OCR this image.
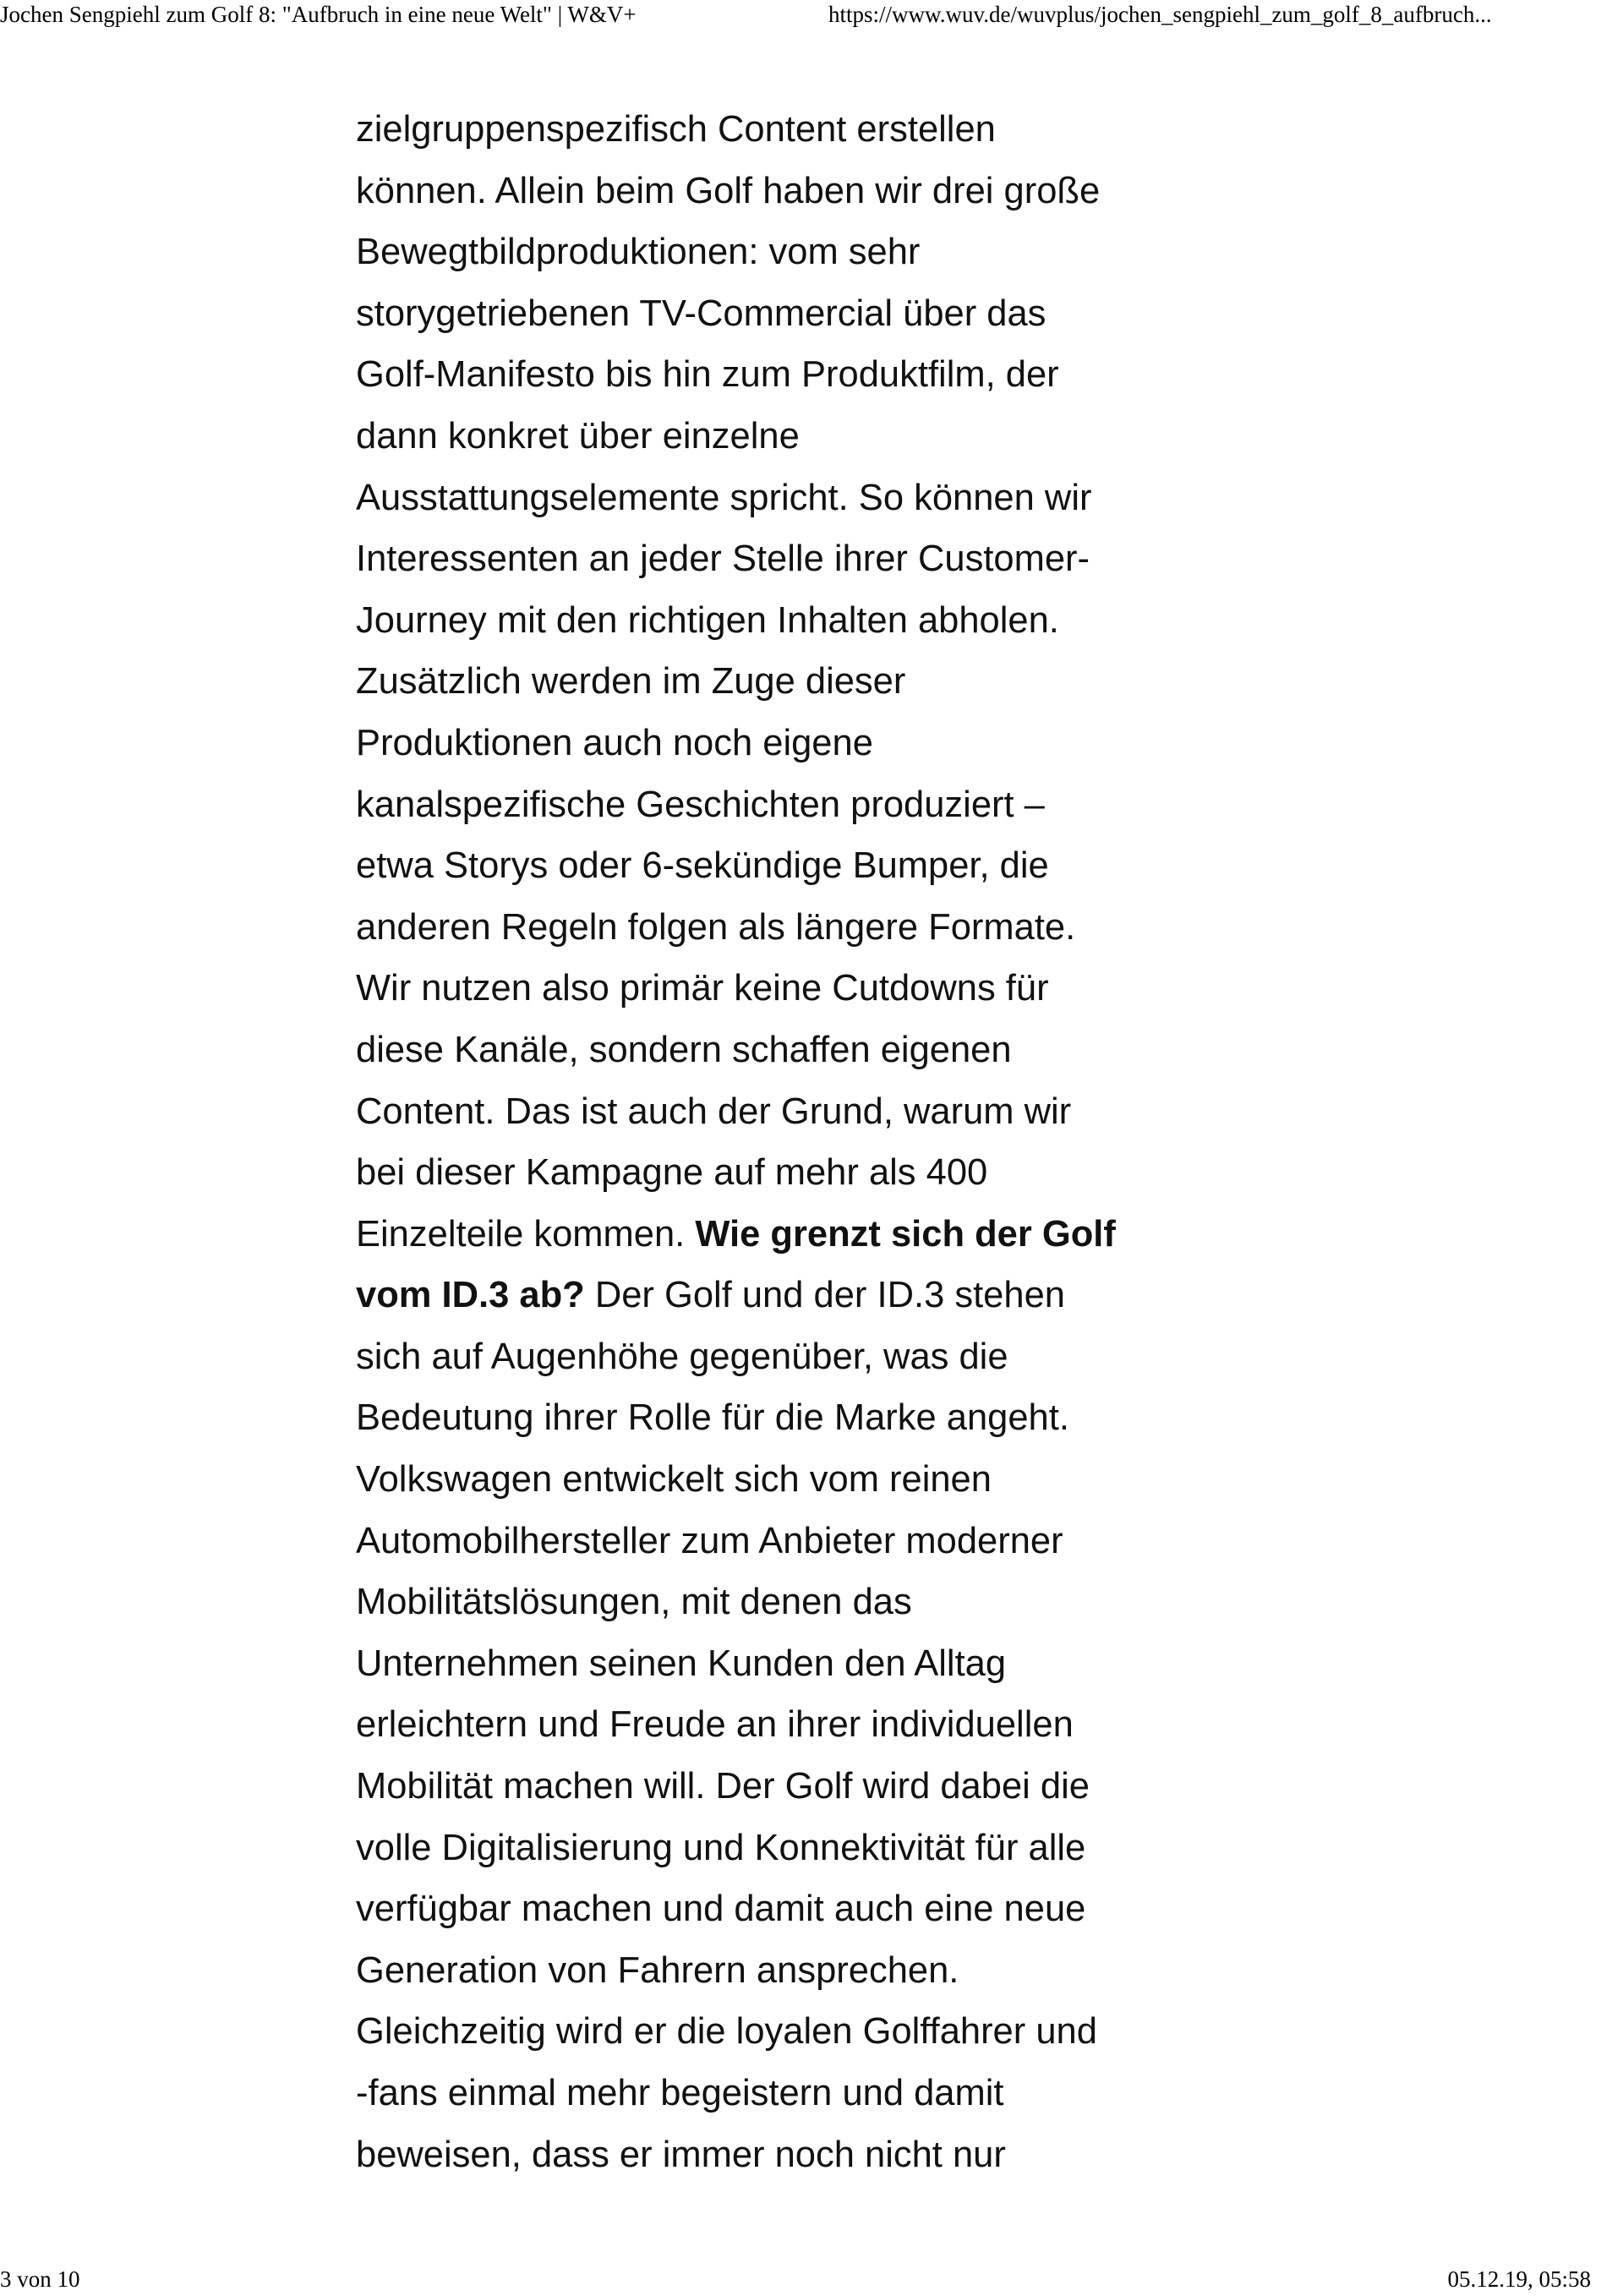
Jochen Sengpiehl zum Golf 8: "Aufbruch in eine neue Welt" | W&V+	https://www.wuv.de/wuvplus/jochen_sengpiehl_zum_golf_8_aufbruch...
zielgruppenspezifisch Content erstellen
können. Allein beim Golf haben wir drei große
Bewegtbildproduktionen: vom sehr
storygetriebenen TV-Commercial über das
Golf-Manifesto bis hin zum Produktfilm, der
dann konkret über einzelne
Ausstattungselemente spricht. So können wir
Interessenten an jeder Stelle ihrer Customer-
Journey mit den richtigen Inhalten abholen.
Zusätzlich werden im Zuge dieser
Produktionen auch noch eigene
kanalspezifische Geschichten produziert –
etwa Storys oder 6-sekündige Bumper, die
anderen Regeln folgen als längere Formate.
Wir nutzen also primär keine Cutdowns für
diese Kanäle, sondern schaffen eigenen
Content. Das ist auch der Grund, warum wir
bei dieser Kampagne auf mehr als 400
Einzelteile kommen. Wie grenzt sich der Golf
vom ID.3 ab? Der Golf und der ID.3 stehen
sich auf Augenhöhe gegenüber, was die
Bedeutung ihrer Rolle für die Marke angeht.
Volkswagen entwickelt sich vom reinen
Automobilhersteller zum Anbieter moderner
Mobilitätslösungen, mit denen das
Unternehmen seinen Kunden den Alltag
erleichtern und Freude an ihrer individuellen
Mobilität machen will. Der Golf wird dabei die
volle Digitalisierung und Konnektivität für alle
verfügbar machen und damit auch eine neue
Generation von Fahrern ansprechen.
Gleichzeitig wird er die loyalen Golffahrer und
-fans einmal mehr begeistern und damit
beweisen, dass er immer noch nicht nur
3 von 10	05.12.19, 05:58
